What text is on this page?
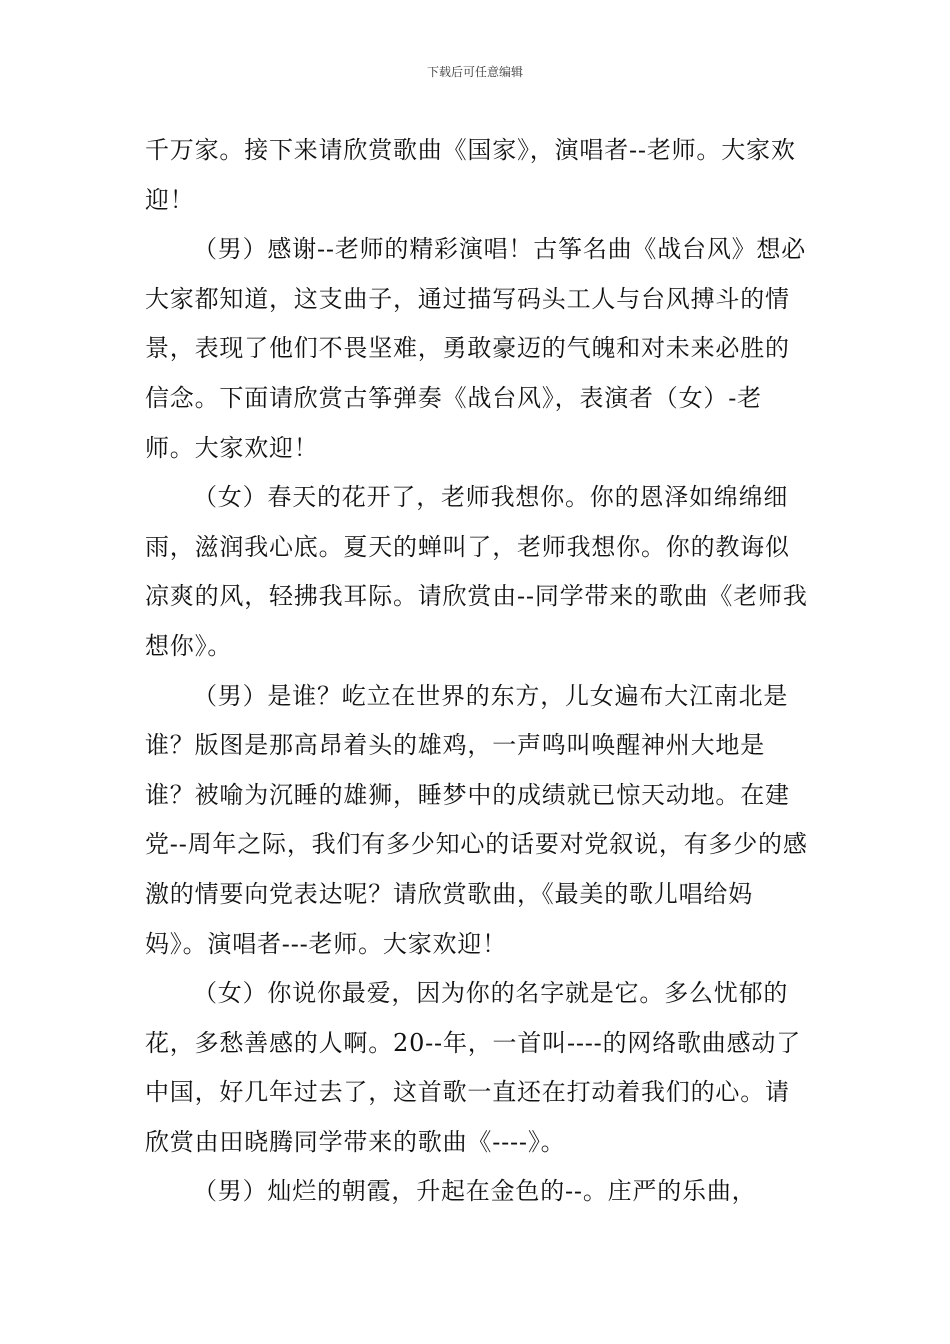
下载后可任意编辑

千万家。接下来请欣赏歌曲《国家》，演唱者--老师。大家欢迎！

（男）感谢--老师的精彩演唱！古筝名曲《战台风》想必大家都知道，这支曲子，通过描写码头工人与台风搏斗的情景，表现了他们不畏坚难，勇敢豪迈的气魄和对未来必胜的信念。下面请欣赏古筝弹奏《战台风》，表演者（女）-老师。大家欢迎！

（女）春天的花开了，老师我想你。你的恩泽如绵绵细雨，滋润我心底。夏天的蝉叫了，老师我想你。你的教诲似凉爽的风，轻拂我耳际。请欣赏由--同学带来的歌曲《老师我想你》。

（男）是谁？屹立在世界的东方，儿女遍布大江南北是谁？版图是那高昂着头的雄鸡，一声鸣叫唤醒神州大地是谁？被喻为沉睡的雄狮，睡梦中的成绩就已惊天动地。在建党--周年之际，我们有多少知心的话要对党叙说，有多少的感激的情要向党表达呢？请欣赏歌曲，《最美的歌儿唱给妈妈》。演唱者---老师。大家欢迎！

（女）你说你最爱，因为你的名字就是它。多么忧郁的花，多愁善感的人啊。20--年，一首叫----的网络歌曲感动了中国，好几年过去了，这首歌一直还在打动着我们的心。请欣赏由田晓腾同学带来的歌曲《----》。

（男）灿烂的朝霞，升起在金色的--。庄严的乐曲，
